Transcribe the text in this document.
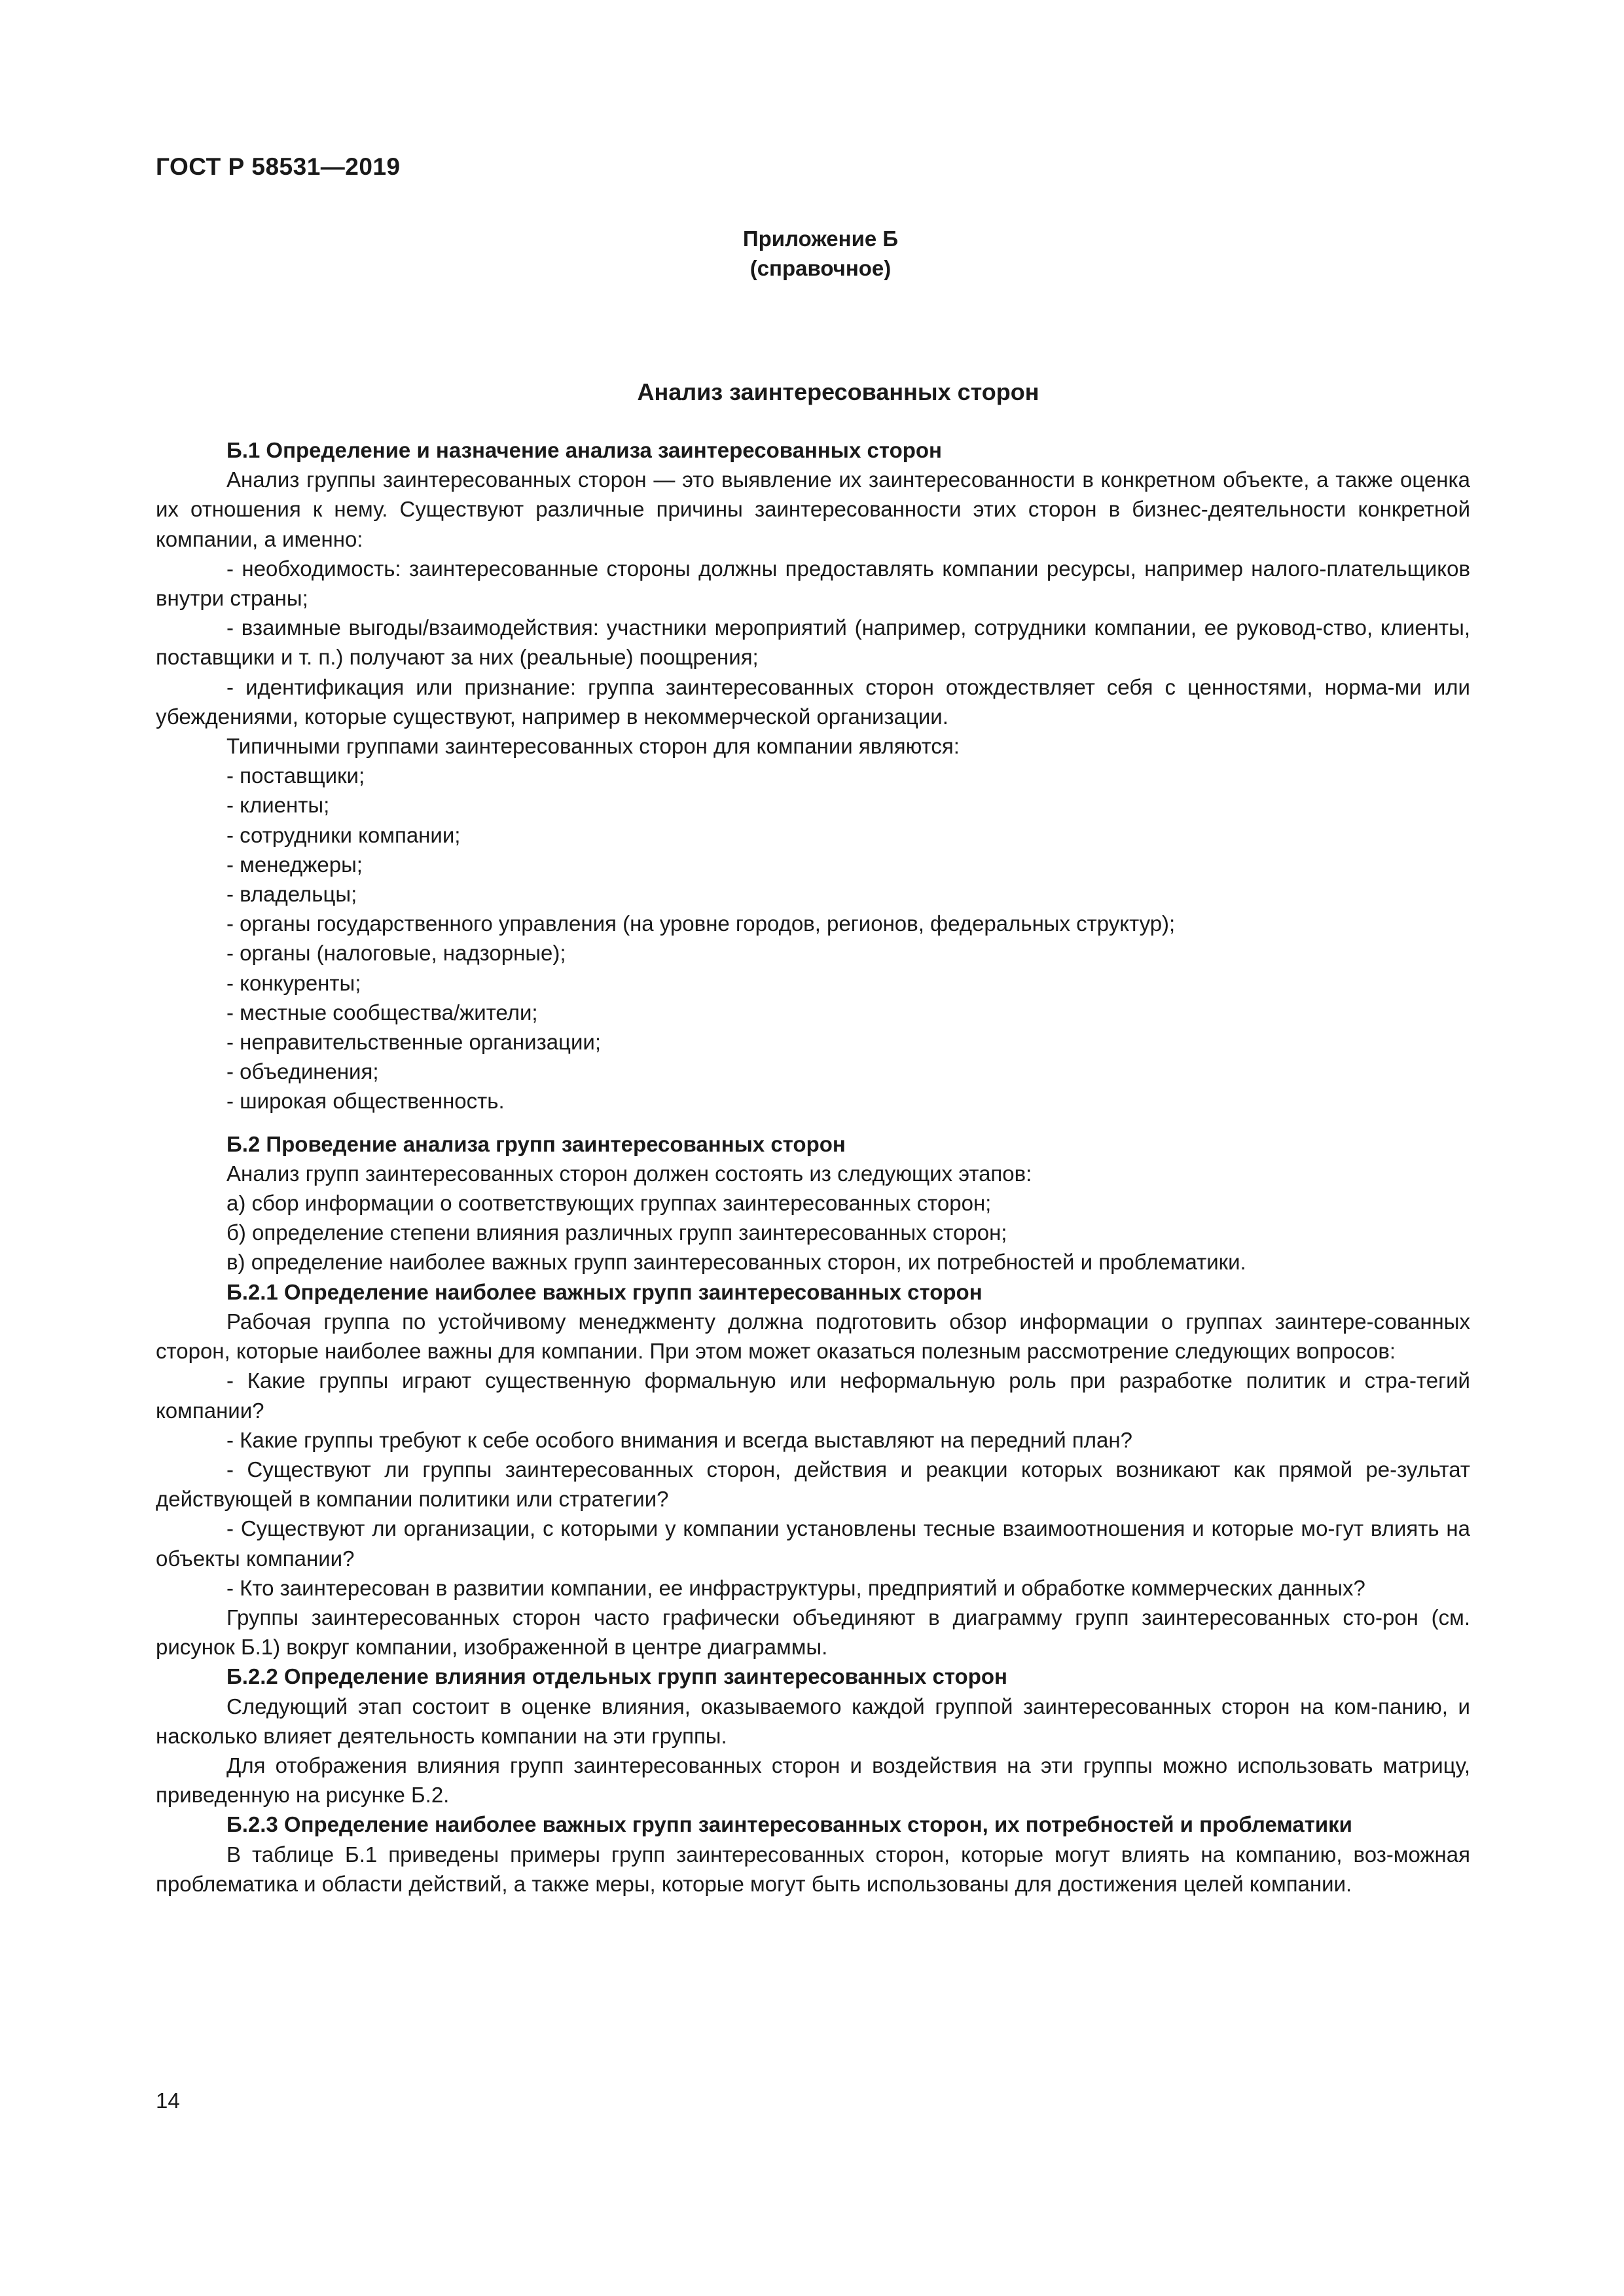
ГОСТ Р 58531—2019
Приложение Б
(справочное)
Анализ заинтересованных сторон

Б.1 Определение и назначение анализа заинтересованных сторон

Анализ группы заинтересованных сторон — это выявление их заинтересованности в конкретном объекте, а также оценка их отношения к нему. Существуют различные причины заинтересованности этих сторон в бизнес-деятельности конкретной компании, а именно:

- необходимость: заинтересованные стороны должны предоставлять компании ресурсы, например налого-плательщиков внутри страны;

- взаимные выгоды/взаимодействия: участники мероприятий (например, сотрудники компании, ее руковод-ство, клиенты, поставщики и т. п.) получают за них (реальные) поощрения;

- идентификация или признание: группа заинтересованных сторон отождествляет себя с ценностями, норма-ми или убеждениями, которые существуют, например в некоммерческой организации.

Типичными группами заинтересованных сторон для компании являются:

- поставщики;

- клиенты;

- сотрудники компании;

- менеджеры;

- владельцы;

- органы государственного управления (на уровне городов, регионов, федеральных структур);

- органы (налоговые, надзорные);

- конкуренты;

- местные сообщества/жители;

- неправительственные организации;

- объединения;

- широкая общественность.

Б.2 Проведение анализа групп заинтересованных сторон

Анализ групп заинтересованных сторон должен состоять из следующих этапов:

а) сбор информации о соответствующих группах заинтересованных сторон;

б) определение степени влияния различных групп заинтересованных сторон;

в) определение наиболее важных групп заинтересованных сторон, их потребностей и проблематики.

Б.2.1 Определение наиболее важных групп заинтересованных сторон

Рабочая группа по устойчивому менеджменту должна подготовить обзор информации о группах заинтере-сованных сторон, которые наиболее важны для компании. При этом может оказаться полезным рассмотрение следующих вопросов:

- Какие группы играют существенную формальную или неформальную роль при разработке политик и стра-тегий компании?

- Какие группы требуют к себе особого внимания и всегда выставляют на передний план?

- Существуют ли группы заинтересованных сторон, действия и реакции которых возникают как прямой ре-зультат действующей в компании политики или стратегии?

- Существуют ли организации, с которыми у компании установлены тесные взаимоотношения и которые мо-гут влиять на объекты компании?

- Кто заинтересован в развитии компании, ее инфраструктуры, предприятий и обработке коммерческих данных?

Группы заинтересованных сторон часто графически объединяют в диаграмму групп заинтересованных сто-рон (см. рисунок Б.1) вокруг компании, изображенной в центре диаграммы.

Б.2.2 Определение влияния отдельных групп заинтересованных сторон

Следующий этап состоит в оценке влияния, оказываемого каждой группой заинтересованных сторон на ком-панию, и насколько влияет деятельность компании на эти группы.

Для отображения влияния групп заинтересованных сторон и воздействия на эти группы можно использовать матрицу, приведенную на рисунке Б.2.

Б.2.3 Определение наиболее важных групп заинтересованных сторон, их потребностей и проблематики

В таблице Б.1 приведены примеры групп заинтересованных сторон, которые могут влиять на компанию, воз-можная проблематика и области действий, а также меры, которые могут быть использованы для достижения целей компании.

14
